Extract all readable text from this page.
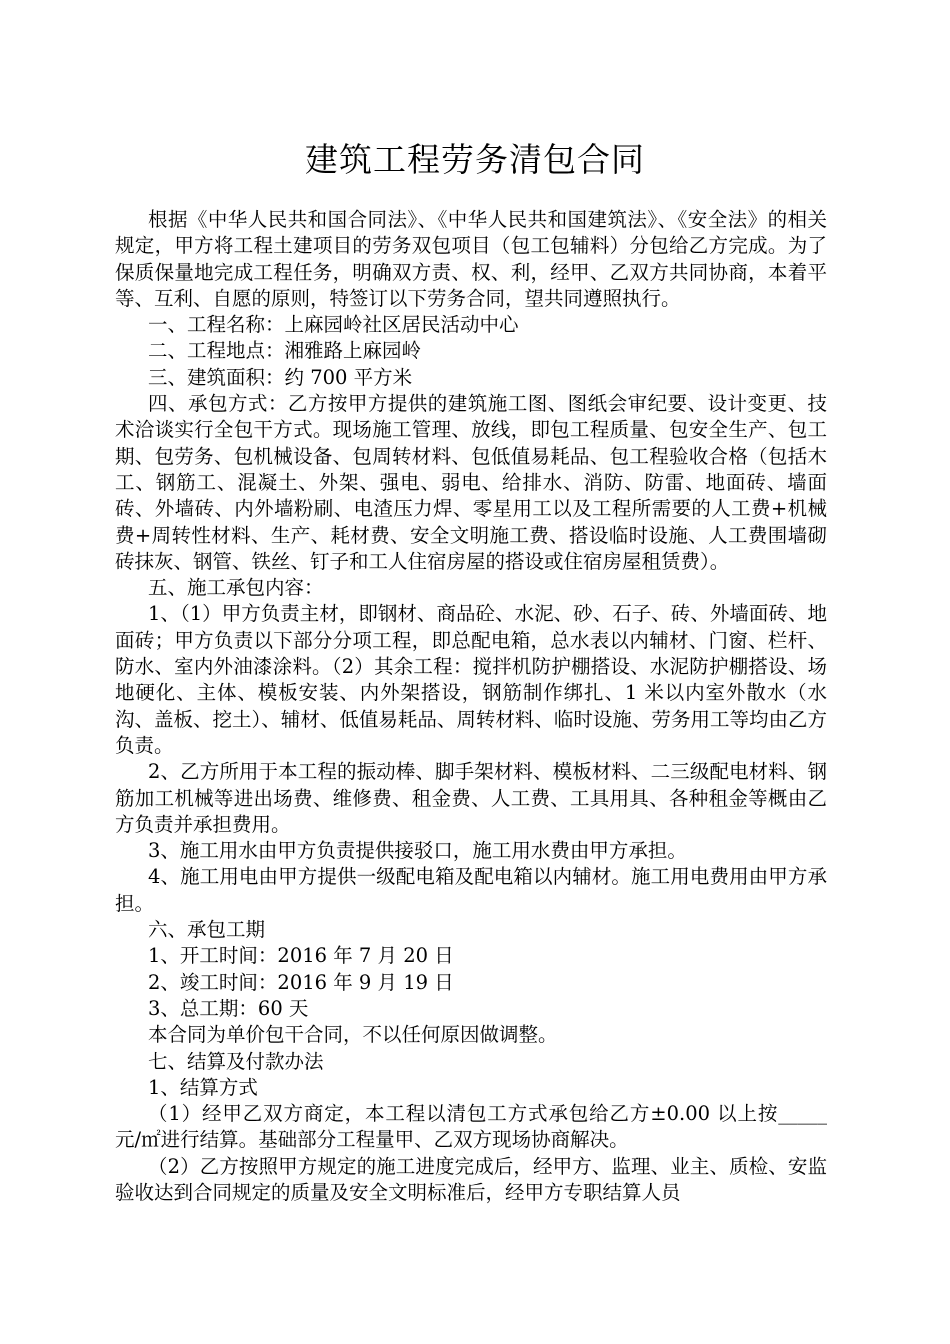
建筑工程劳务清包合同

根据《中华人民共和国合同法》、《中华人民共和国建筑法》、《安全法》的相关规定，甲方将工程土建项目的劳务双包项目（包工包辅料）分包给乙方完成。为了保质保量地完成工程任务，明确双方责、权、利，经甲、乙双方共同协商，本着平等、互利、自愿的原则，特签订以下劳务合同，望共同遵照执行。

一、工程名称：上麻园岭社区居民活动中心

二、工程地点：湘雅路上麻园岭

三、建筑面积：约 700 平方米

四、承包方式：乙方按甲方提供的建筑施工图、图纸会审纪要、设计变更、技术洽谈实行全包干方式。现场施工管理、放线，即包工程质量、包安全生产、包工期、包劳务、包机械设备、包周转材料、包低值易耗品、包工程验收合格（包括木工、钢筋工、混凝土、外架、强电、弱电、给排水、消防、防雷、地面砖、墙面砖、外墙砖、内外墙粉刷、电渣压力焊、零星用工以及工程所需要的人工费+机械费+周转性材料、生产、耗材费、安全文明施工费、搭设临时设施、人工费围墙砌砖抹灰、钢管、铁丝、钉子和工人住宿房屋的搭设或住宿房屋租赁费）。

五、施工承包内容：

1、（1）甲方负责主材，即钢材、商品砼、水泥、砂、石子、砖、外墙面砖、地面砖；甲方负责以下部分分项工程，即总配电箱，总水表以内辅材、门窗、栏杆、防水、室内外油漆涂料。（2）其余工程：搅拌机防护棚搭设、水泥防护棚搭设、场地硬化、主体、模板安装、内外架搭设，钢筋制作绑扎、1 米以内室外散水（水沟、盖板、挖土）、辅材、低值易耗品、周转材料、临时设施、劳务用工等均由乙方负责。

2、乙方所用于本工程的振动棒、脚手架材料、模板材料、二三级配电材料、钢筋加工机械等进出场费、维修费、租金费、人工费、工具用具、各种租金等概由乙方负责并承担费用。

3、施工用水由甲方负责提供接驳口，施工用水费由甲方承担。

4、施工用电由甲方提供一级配电箱及配电箱以内辅材。施工用电费用由甲方承担。

六、承包工期

1、开工时间：2016 年 7 月 20 日

2、竣工时间：2016 年 9 月 19 日

3、总工期：60 天

本合同为单价包干合同，不以任何原因做调整。

七、结算及付款办法

1、结算方式

（1）经甲乙双方商定，本工程以清包工方式承包给乙方±0.00 以上按_____元/㎡进行结算。基础部分工程量甲、乙双方现场协商解决。

（2）乙方按照甲方规定的施工进度完成后，经甲方、监理、业主、质检、安监验收达到合同规定的质量及安全文明标准后，经甲方专职结算人员
